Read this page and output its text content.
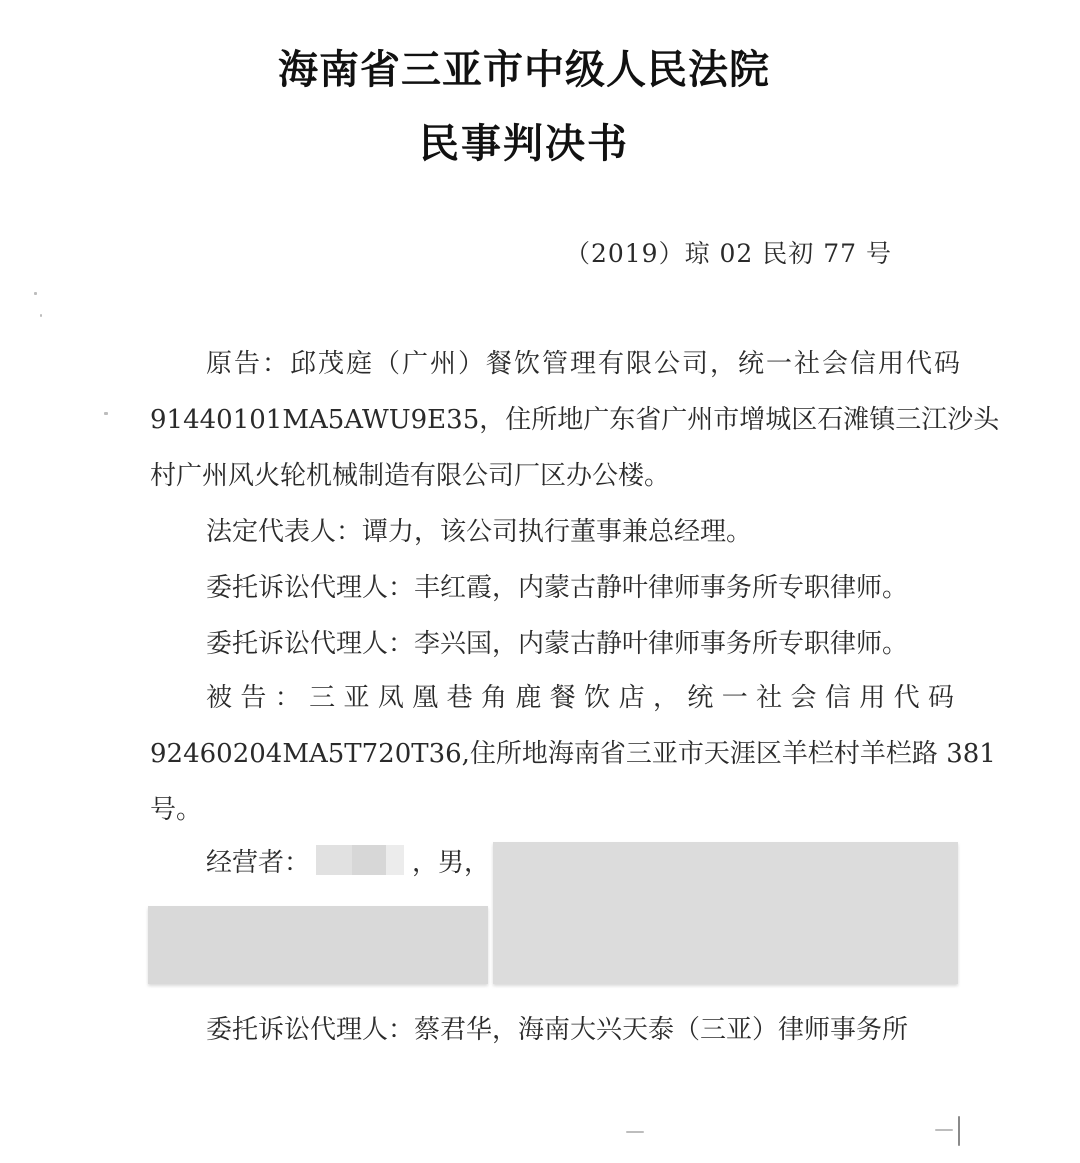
海南省三亚市中级人民法院
民事判决书
（2019）琼 02 民初 77 号
原告：邱茂庭（广州）餐饮管理有限公司，统一社会信用代码
91440101MA5AWU9E35，住所地广东省广州市增城区石滩镇三江沙头
村广州风火轮机械制造有限公司厂区办公楼。
法定代表人：谭力，该公司执行董事兼总经理。
委托诉讼代理人：丰红霞，内蒙古静叶律师事务所专职律师。
委托诉讼代理人：李兴国，内蒙古静叶律师事务所专职律师。
被告：三亚凤凰巷角鹿餐饮店，统一社会信用代码
92460204MA5T720T36,住所地海南省三亚市天涯区羊栏村羊栏路 381
号。
经营者：	，男，
委托诉讼代理人：蔡君华，海南大兴天泰（三亚）律师事务所
